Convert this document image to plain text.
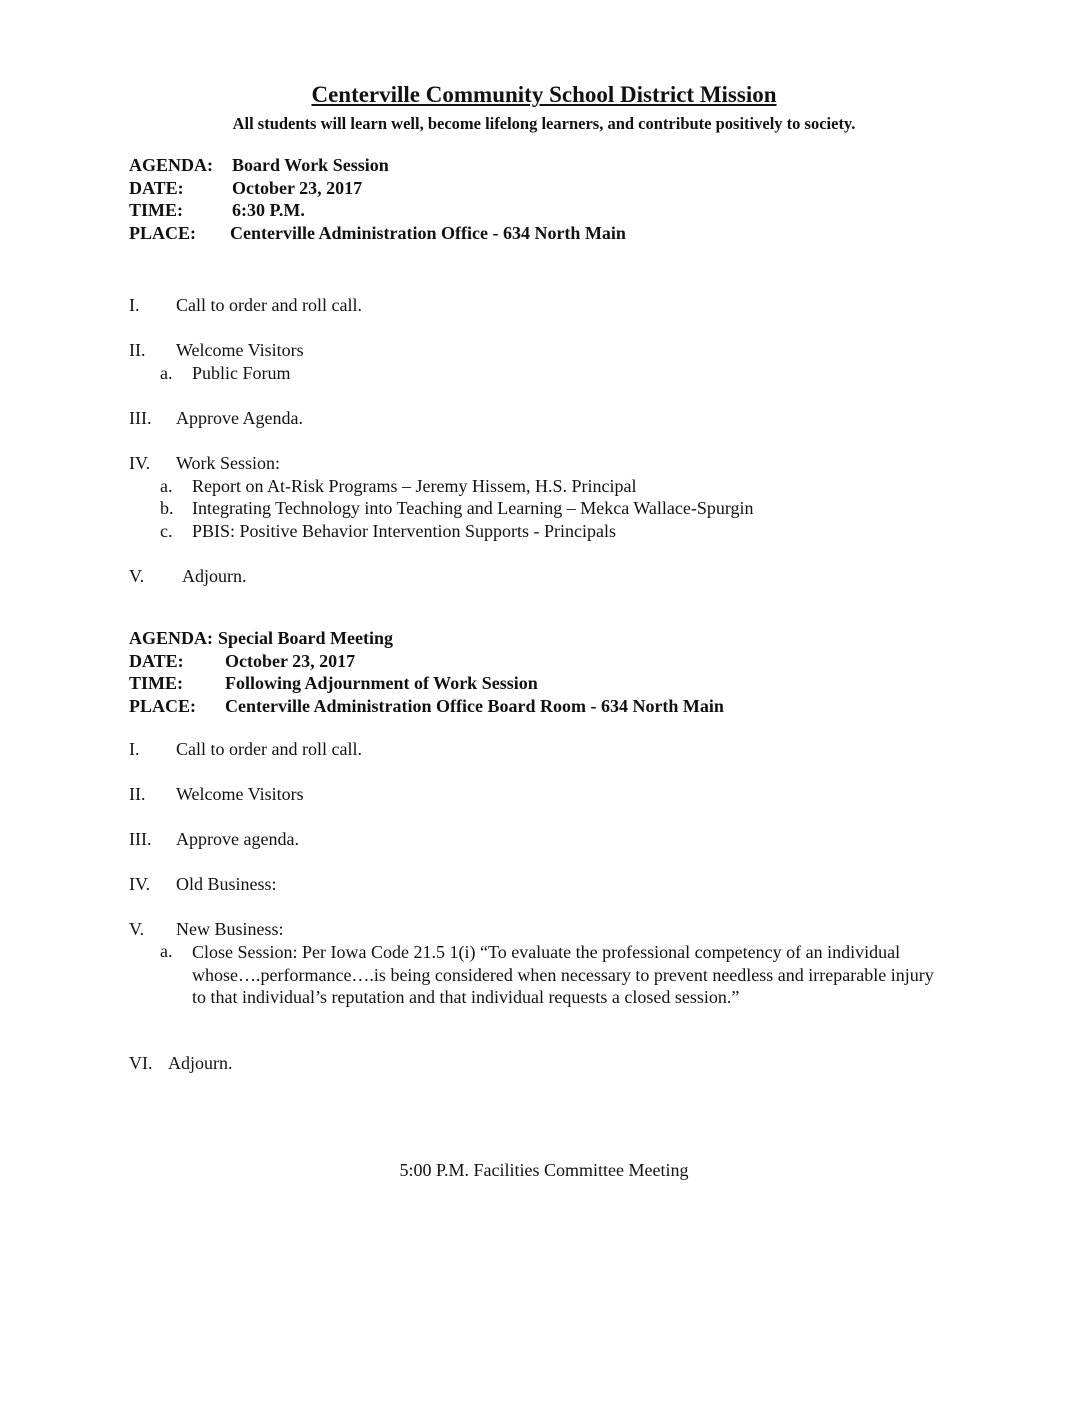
Centerville Community School District Mission
All students will learn well, become lifelong learners, and contribute positively to society.
AGENDA:	Board Work Session
DATE:	October 23, 2017
TIME:	6:30 P.M.
PLACE:	Centerville Administration Office - 634 North Main
I. Call to order and roll call.
II. Welcome Visitors
a. Public Forum
III. Approve Agenda.
IV. Work Session:
a. Report on At-Risk Programs – Jeremy Hissem, H.S. Principal
b. Integrating Technology into Teaching and Learning – Mekca Wallace-Spurgin
c. PBIS: Positive Behavior Intervention Supports - Principals
V. Adjourn.
AGENDA: Special Board Meeting
DATE:	October 23, 2017
TIME:	Following Adjournment of Work Session
PLACE:	Centerville Administration Office Board Room - 634 North Main
I. Call to order and roll call.
II. Welcome Visitors
III. Approve agenda.
IV. Old Business:
V. New Business:
a. Close Session: Per Iowa Code 21.5 1(i) “To evaluate the professional competency of an individual whose….performance….is being considered when necessary to prevent needless and irreparable injury to that individual’s reputation and that individual requests a closed session.”
VI. Adjourn.
5:00 P.M. Facilities Committee Meeting
